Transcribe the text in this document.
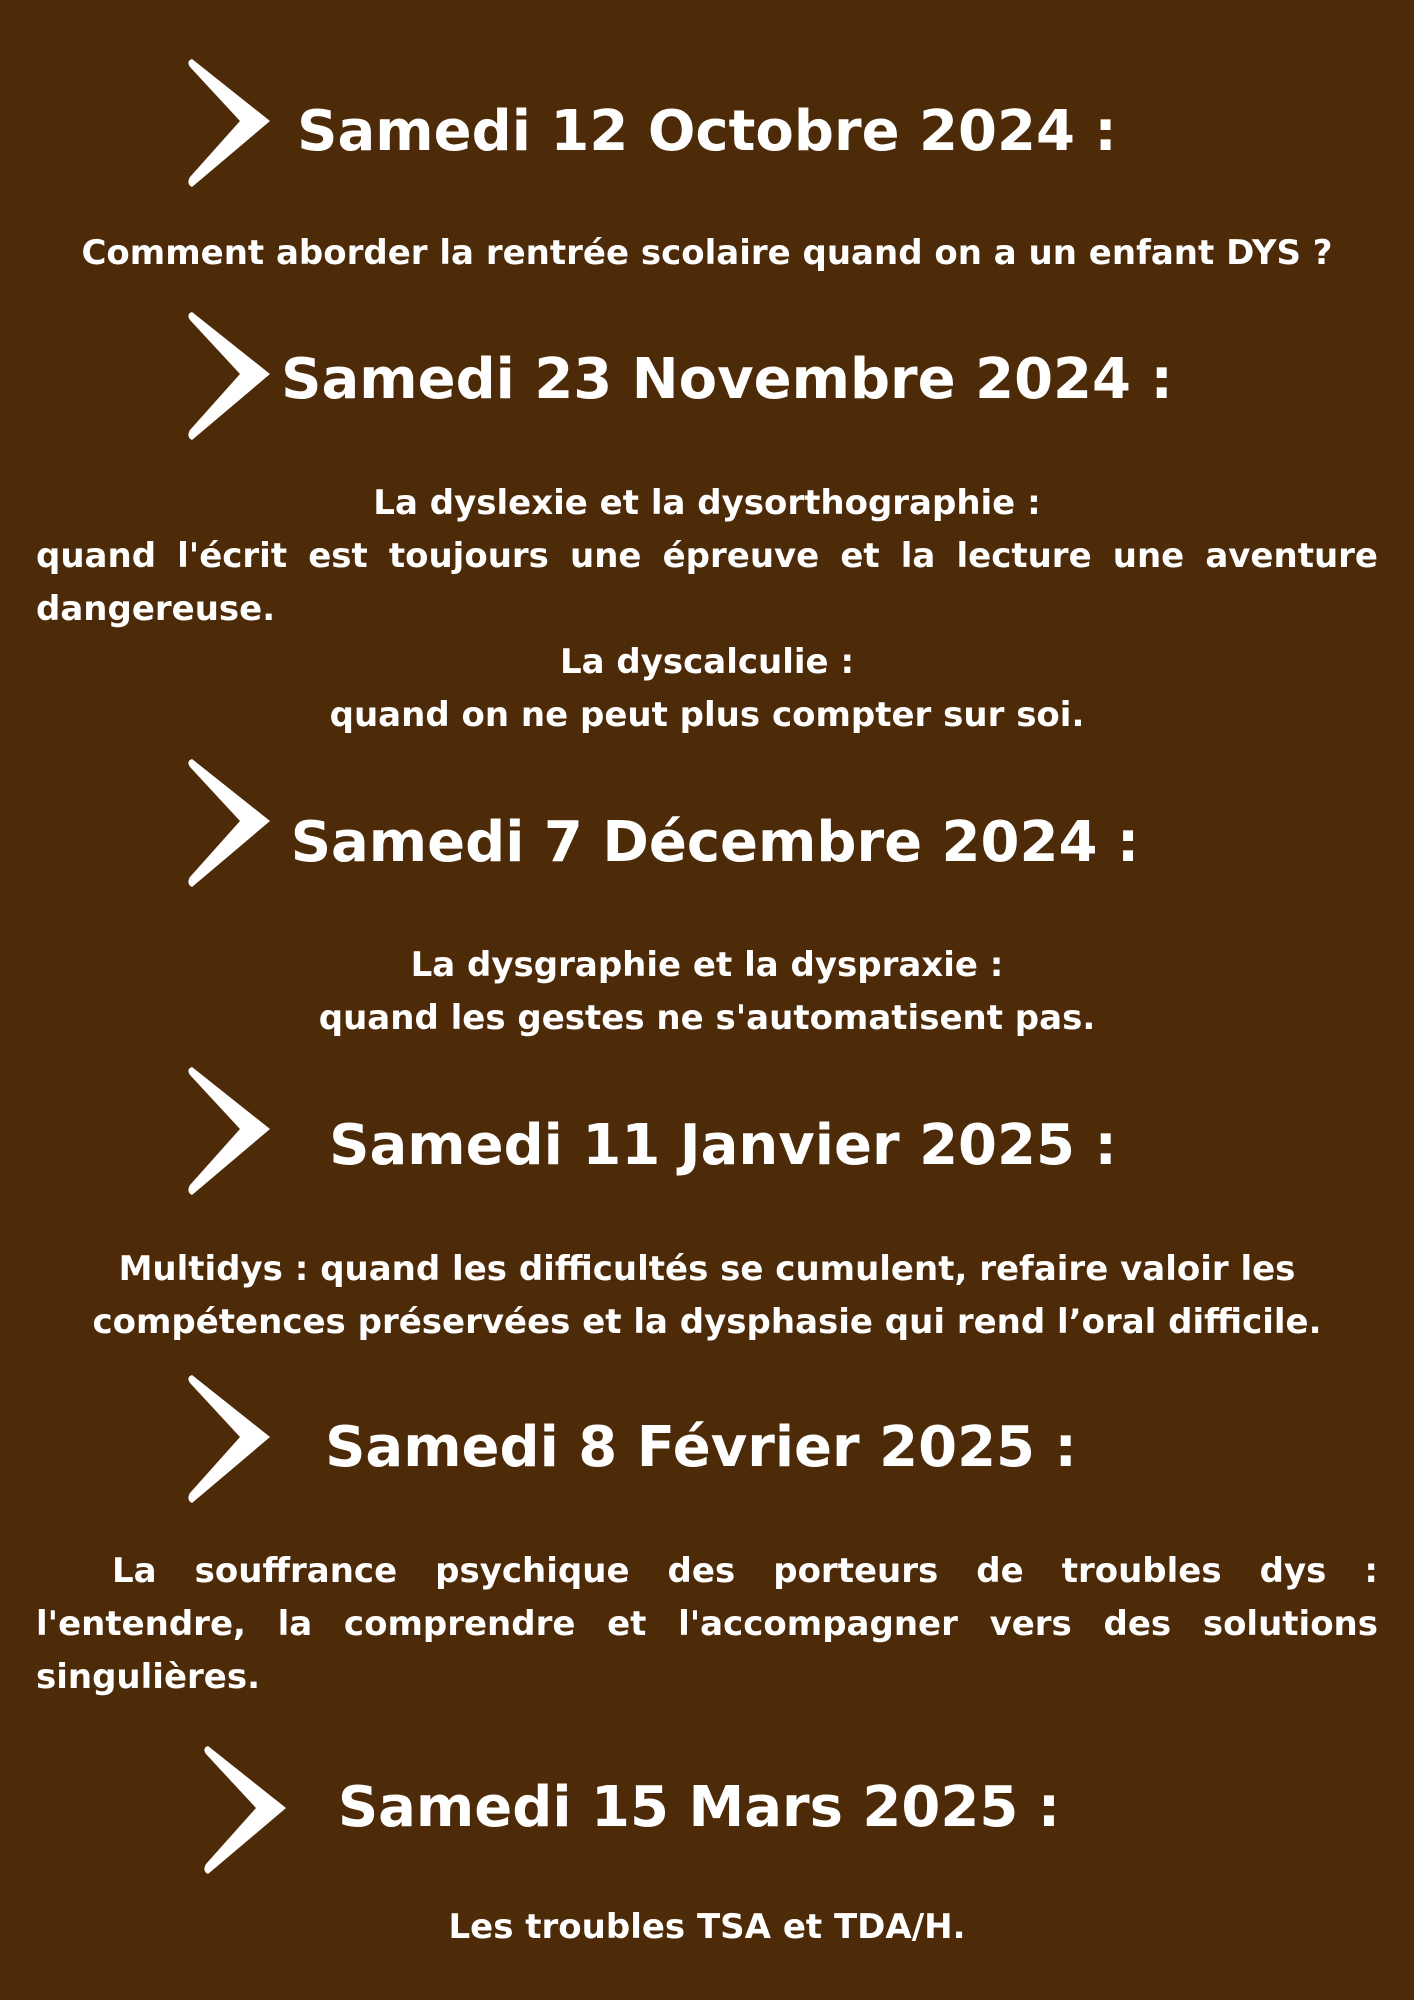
Samedi 12 Octobre 2024 :
Comment aborder la rentrée scolaire quand on a un enfant DYS ?
Samedi 23 Novembre 2024 :
La dyslexie et la dysorthographie :
quand l'écrit est toujours une épreuve et la lecture une aventure dangereuse.
La dyscalculie :
quand on ne peut plus compter sur soi.
Samedi 7 Décembre 2024 :
La dysgraphie et la dyspraxie :
quand les gestes ne s'automatisent pas.
Samedi 11 Janvier 2025 :
Multidys : quand les difficultés se cumulent, refaire valoir les
compétences préservées et la dysphasie qui rend l’oral difficile.
Samedi 8 Février 2025 :
La souffrance psychique des porteurs de troubles dys : l'entendre, la comprendre et l'accompagner vers des solutions singulières.
Samedi 15 Mars 2025 :
Les troubles TSA et TDA/H.
